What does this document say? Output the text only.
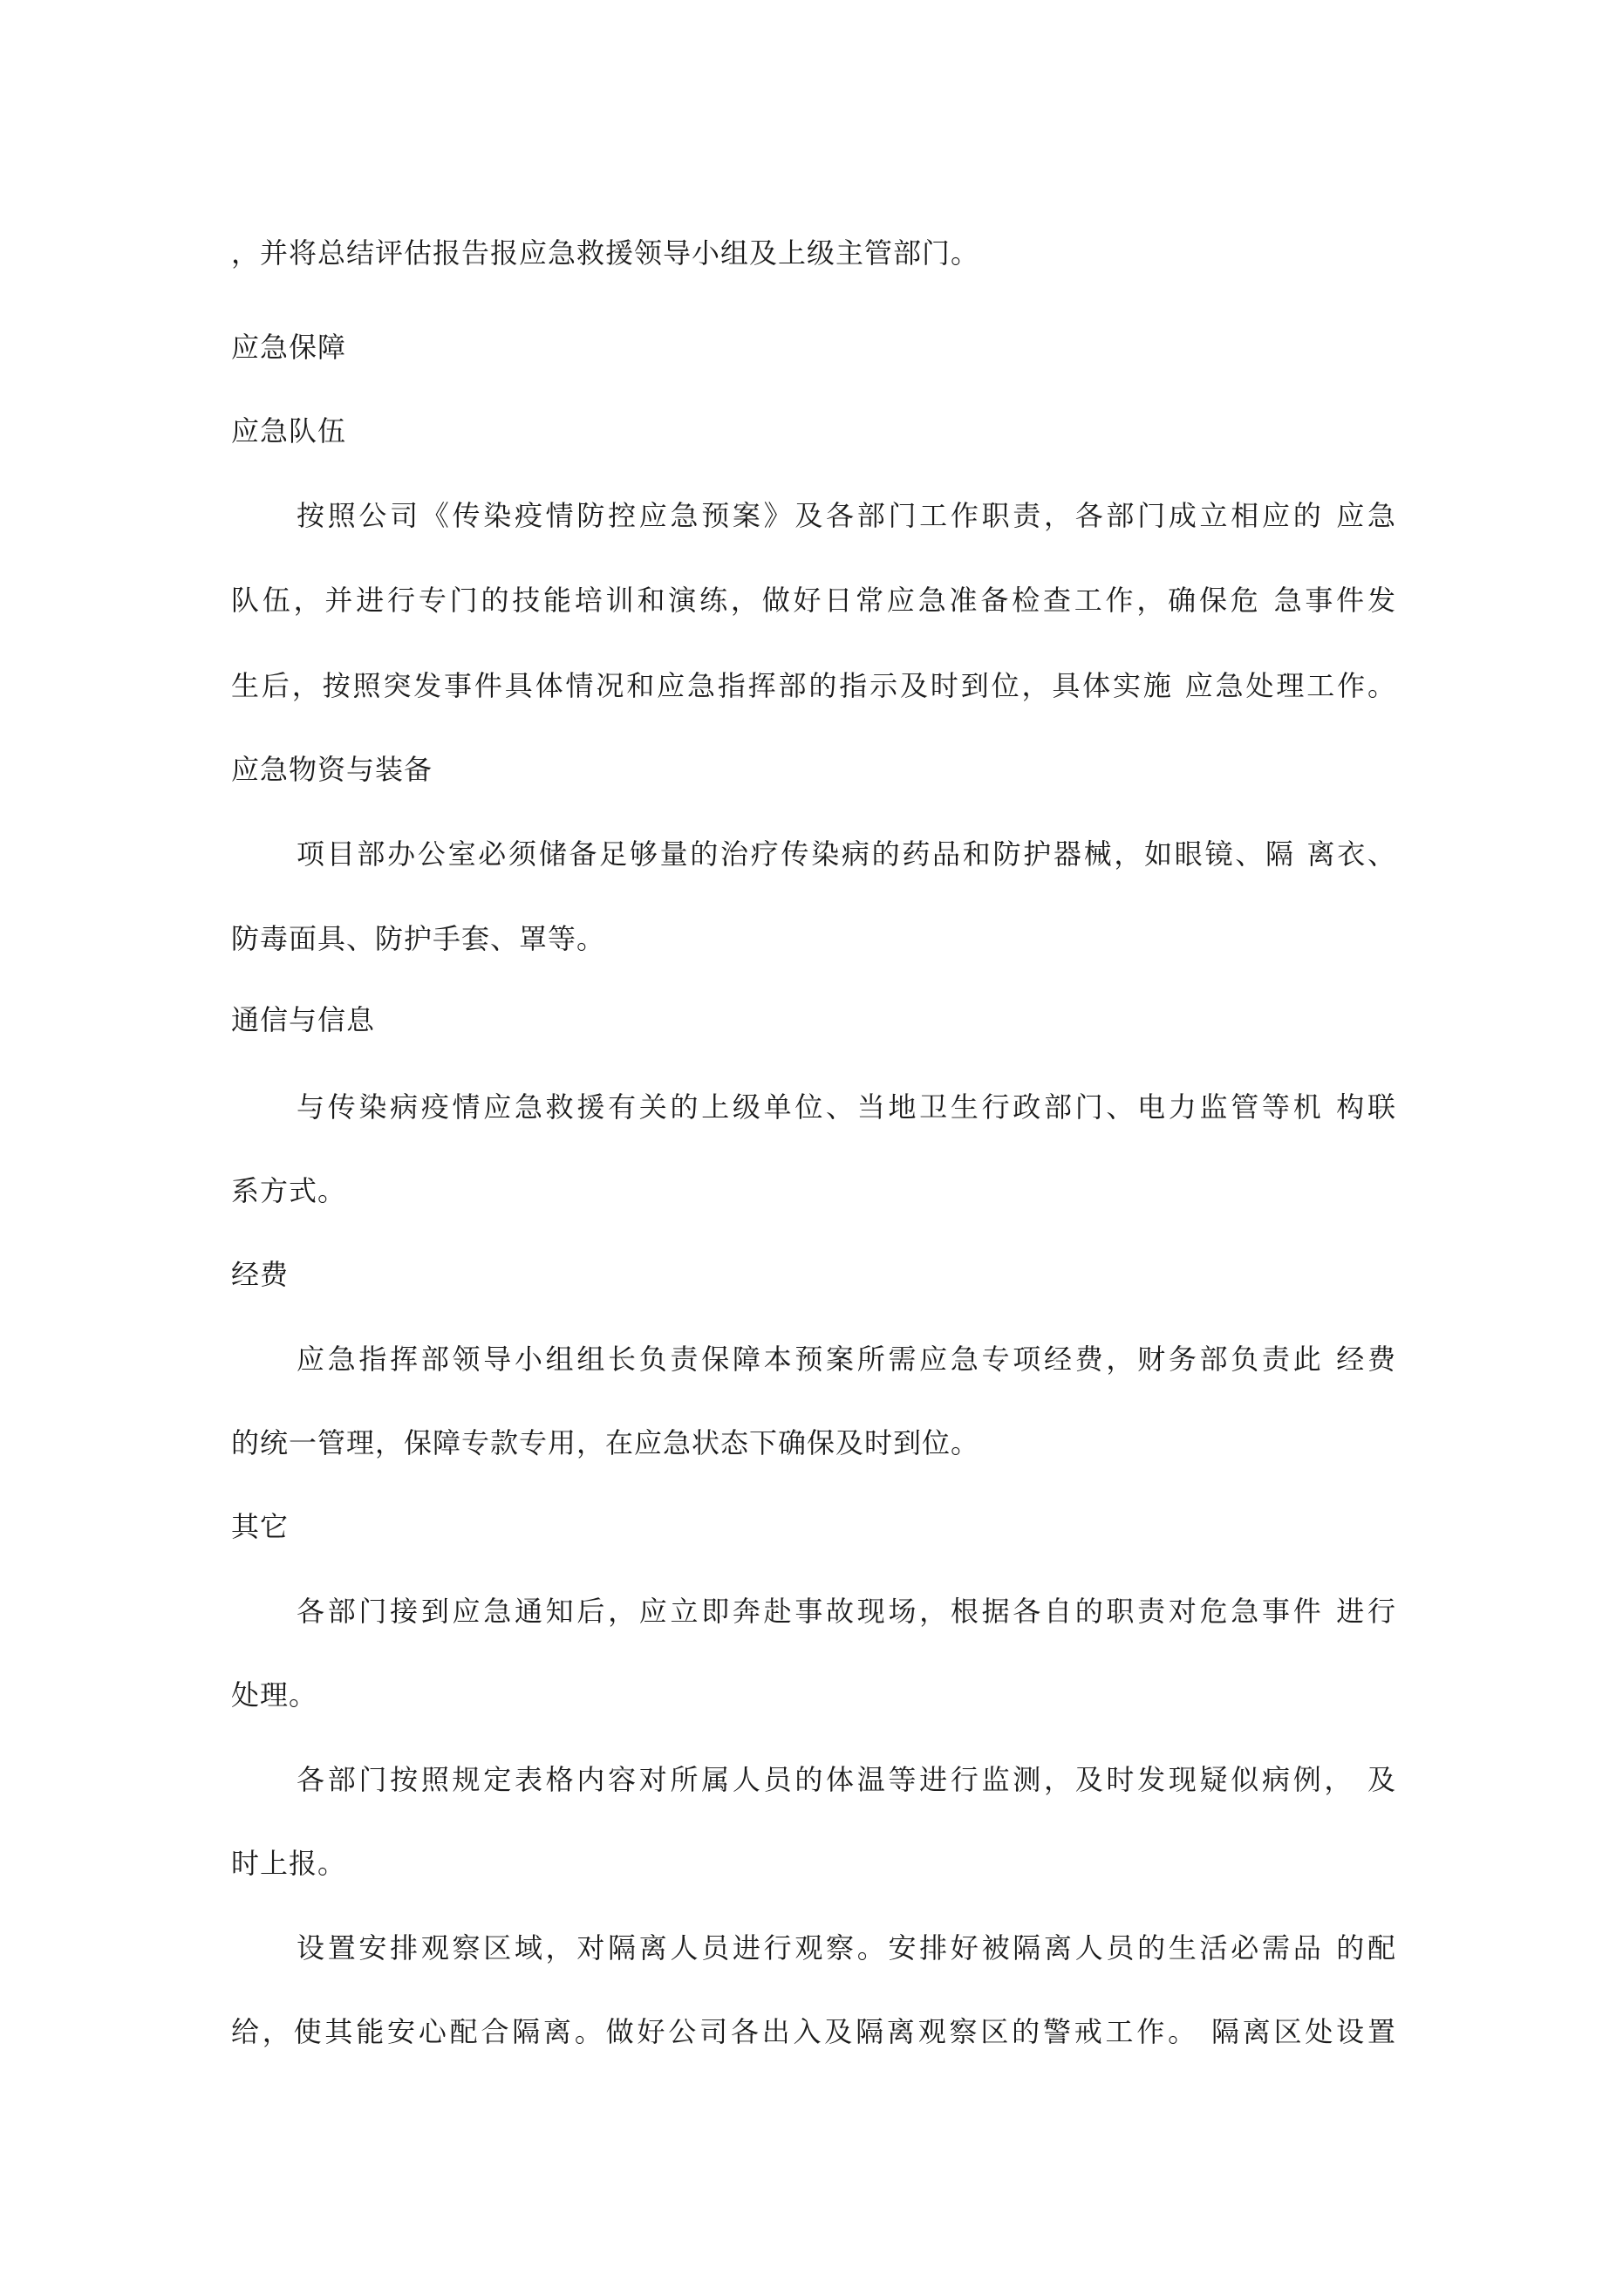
，并将总结评估报告报应急救援领导小组及上级主管部门。
应急保障
应急队伍
按照公司《传染疫情防控应急预案》及各部门工作职责，各部门成立相应的 应急
队伍，并进行专门的技能培训和演练，做好日常应急准备检查工作，确保危 急事件发
生后，按照突发事件具体情况和应急指挥部的指示及时到位，具体实施 应急处理工作。
应急物资与装备
项目部办公室必须储备足够量的治疗传染病的药品和防护器械，如眼镜、隔 离衣、
防毒面具、防护手套、罩等。
通信与信息
与传染病疫情应急救援有关的上级单位、当地卫生行政部门、电力监管等机 构联
系方式。
经费
应急指挥部领导小组组长负责保障本预案所需应急专项经费，财务部负责此 经费
的统一管理，保障专款专用，在应急状态下确保及时到位。
其它
各部门接到应急通知后，应立即奔赴事故现场，根据各自的职责对危急事件 进行
处理。
各部门按照规定表格内容对所属人员的体温等进行监测，及时发现疑似病例， 及
时上报。
设置安排观察区域，对隔离人员进行观察。安排好被隔离人员的生活必需品 的配
给，使其能安心配合隔离。做好公司各出入及隔离观察区的警戒工作。 隔离区处设置
